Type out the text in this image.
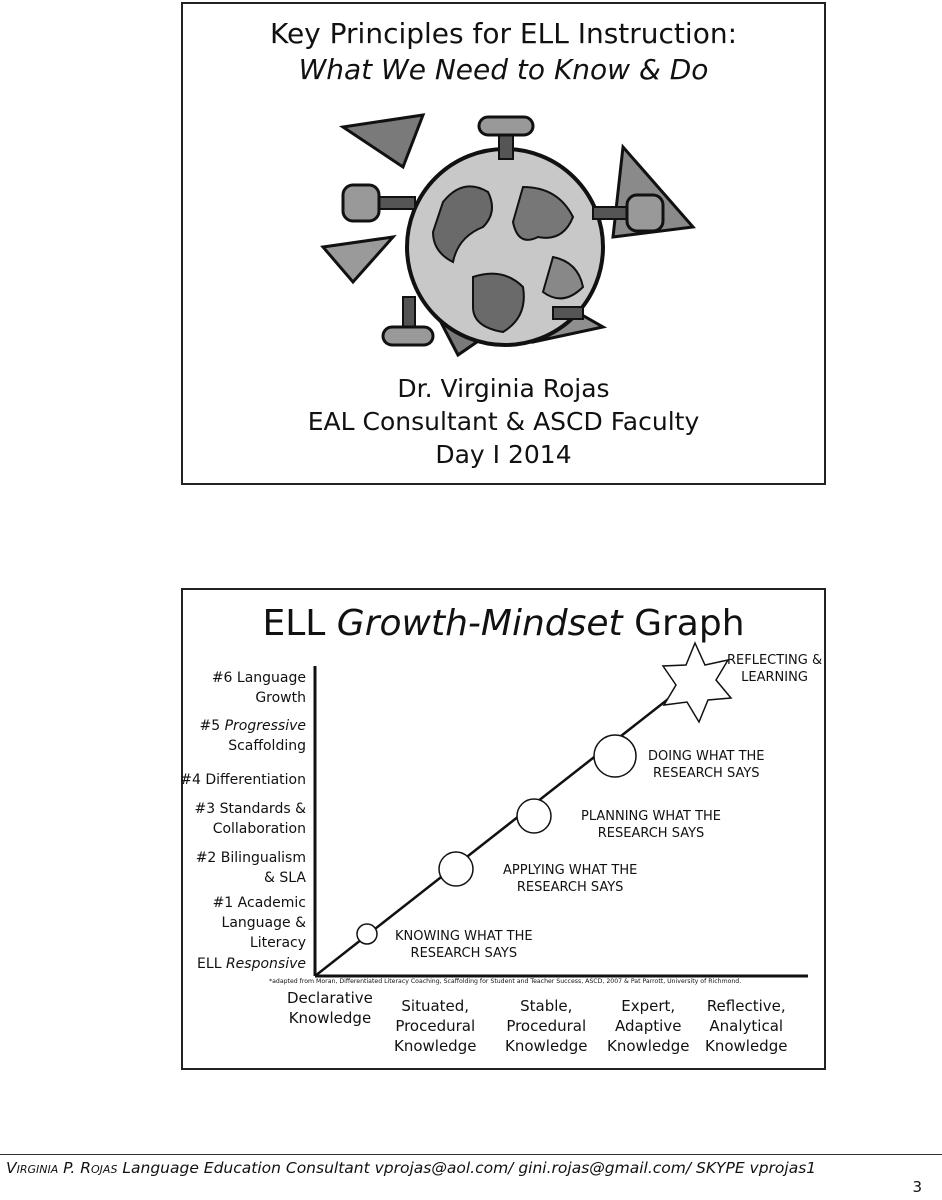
Key Principles for ELL Instruction:
What We Need to Know & Do
Dr. Virginia Rojas
EAL Consultant & ASCD Faculty
Day I 2014
ELL Growth-Mindset Graph
#6 Language
Growth
#5 Progressive
Scaffolding
#4 Differentiation
#3 Standards &
Collaboration
#2 Bilingualism
& SLA
#1 Academic
Language &
Literacy
ELL Responsive
KNOWING WHAT THE
RESEARCH SAYS
APPLYING WHAT THE
RESEARCH SAYS
PLANNING WHAT THE
RESEARCH SAYS
DOING WHAT THE
RESEARCH SAYS
REFLECTING &
LEARNING
*adapted from Moran, Differentiated Literacy Coaching, Scaffolding for Student and Teacher Success, ASCD, 2007 & Pat Parrott, University of Richmond.
Declarative
Knowledge
Situated,
Procedural
Knowledge
Stable,
Procedural
Knowledge
Expert,
Adaptive
Knowledge
Reflective,
Analytical
Knowledge
Virginia P. Rojas Language Education Consultant vprojas@aol.com/ gini.rojas@gmail.com/ SKYPE vprojas1
3
